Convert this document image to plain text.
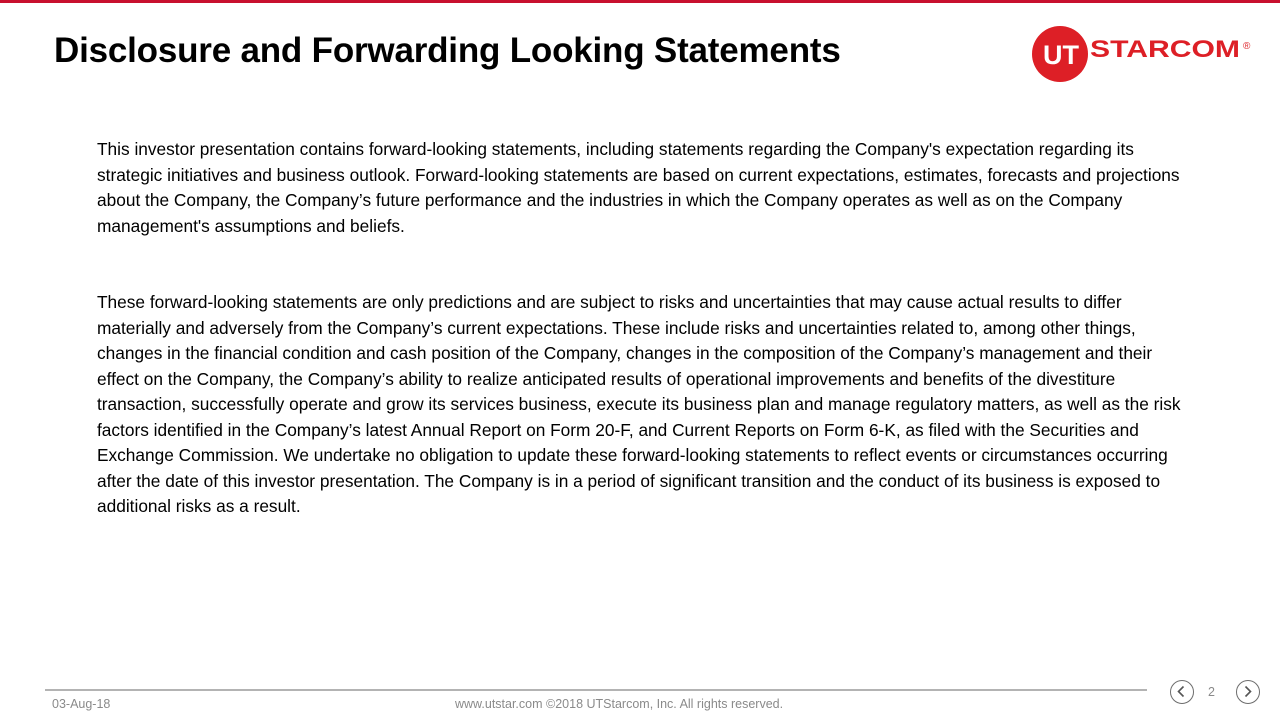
Disclosure and Forwarding Looking Statements	UT STARCOM ®

This investor presentation contains forward-looking statements, including statements regarding the Company's expectation regarding its strategic initiatives and business outlook. Forward-looking statements are based on current expectations, estimates, forecasts and projections about the Company, the Company’s future performance and the industries in which the Company operates as well as on the Company management's assumptions and beliefs.

These forward-looking statements are only predictions and are subject to risks and uncertainties that may cause actual results to differ materially and adversely from the Company’s current expectations. These include risks and uncertainties related to, among other things, changes in the financial condition and cash position of the Company, changes in the composition of the Company’s management and their effect on the Company, the Company’s ability to realize anticipated results of operational improvements and benefits of the divestiture transaction, successfully operate and grow its services business, execute its business plan and manage regulatory matters, as well as the risk factors identified in the Company’s latest Annual Report on Form 20-F, and Current Reports on Form 6-K, as filed with the Securities and Exchange Commission. We undertake no obligation to update these forward-looking statements to reflect events or circumstances occurring after the date of this investor presentation. The Company is in a period of significant transition and the conduct of its business is exposed to additional risks as a result.

03-Aug-18	www.utstar.com ©2018 UTStarcom, Inc. All rights reserved.
2
